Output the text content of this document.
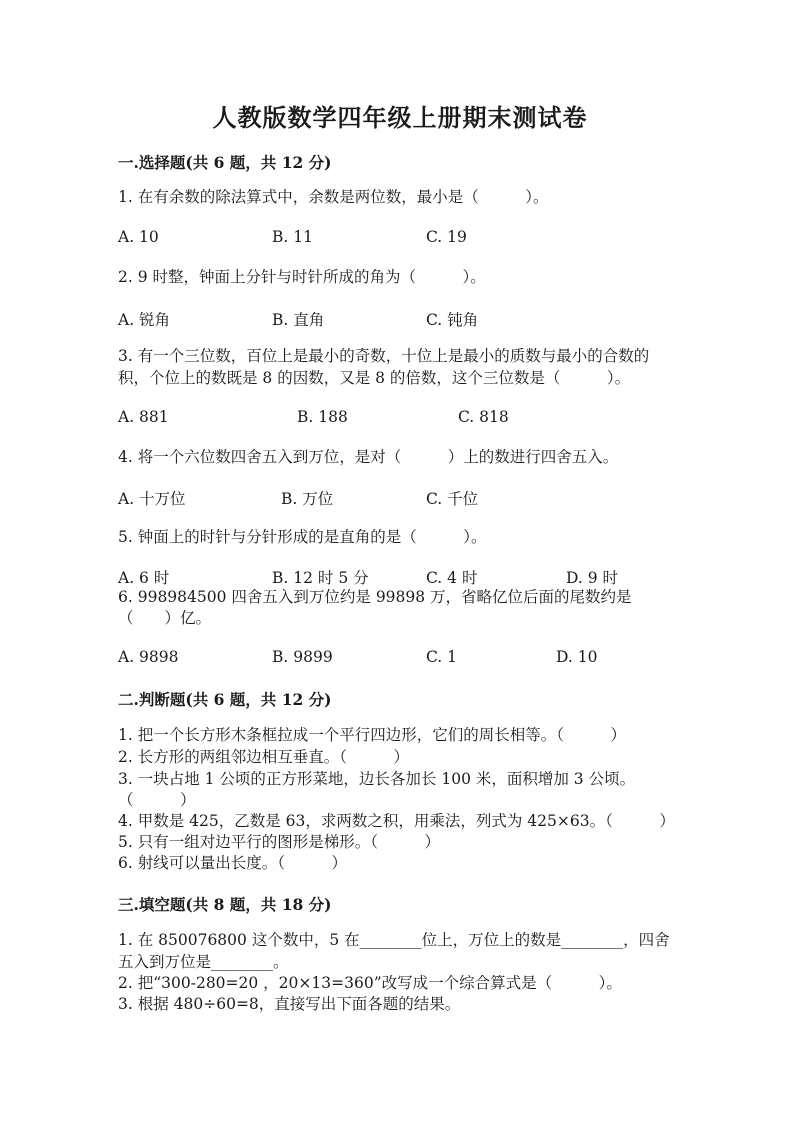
人教版数学四年级上册期末测试卷
一.选择题(共 6 题，共 12 分)
1. 在有余数的除法算式中，余数是两位数，最小是（　　　）。
A. 10	B. 11	C. 19
2. 9 时整，钟面上分针与时针所成的角为（　　　）。
A. 锐角	B. 直角	C. 钝角
3. 有一个三位数，百位上是最小的奇数，十位上是最小的质数与最小的合数的
积，个位上的数既是 8 的因数，又是 8 的倍数，这个三位数是（　　　）。
A. 881	B. 188	C. 818
4. 将一个六位数四舍五入到万位，是对（　　　）上的数进行四舍五入。
A. 十万位	B. 万位	C. 千位
5. 钟面上的时针与分针形成的是直角的是（　　　）。
A. 6 时	B. 12 时 5 分	C. 4 时	D. 9 时
6. 998984500 四舍五入到万位约是 99898 万，省略亿位后面的尾数约是
（　　）亿。
A. 9898	B. 9899	C. 1	D. 10
二.判断题(共 6 题，共 12 分)
1. 把一个长方形木条框拉成一个平行四边形，它们的周长相等。（　　　）
2. 长方形的两组邻边相互垂直。（　　　）
3. 一块占地 1 公顷的正方形菜地，边长各加长 100 米，面积增加 3 公顷。
（　　　）
4. 甲数是 425，乙数是 63，求两数之积，用乘法，列式为 425×63。（　　　）
5. 只有一组对边平行的图形是梯形。（　　　）
6. 射线可以量出长度。（　　　）
三.填空题(共 8 题，共 18 分)
1. 在 850076800 这个数中，5 在________位上，万位上的数是________，四舍
五入到万位是________。
2. 把“300-280=20 ，20×13=360”改写成一个综合算式是（　　　）。
3. 根据 480÷60=8，直接写出下面各题的结果。
